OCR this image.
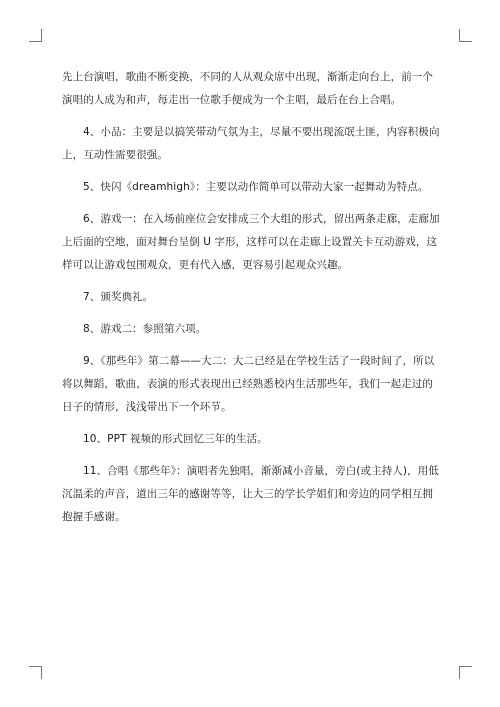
先上台演唱，歌曲不断变换，不同的人从观众席中出现，渐渐走向台上，前一个演唱的人成为和声，每走出一位歌手便成为一个主唱，最后在台上合唱。

4、小品：主要是以搞笑带动气氛为主，尽量不要出现流氓土匪，内容积极向上，互动性需要很强。

5、快闪《dreamhigh》：主要以动作简单可以带动大家一起舞动为特点。

6、游戏一：在入场前座位会安排成三个大组的形式，留出两条走廊，走廊加上后面的空地，面对舞台呈倒 U 字形，这样可以在走廊上设置关卡互动游戏，这样可以让游戏包围观众，更有代入感，更容易引起观众兴趣。

7、颁奖典礼。

8、游戏二：参照第六项。

9、《那些年》第二幕——大二：大二已经是在学校生活了一段时间了，所以将以舞蹈，歌曲，表演的形式表现出已经熟悉校内生活那些年，我们一起走过的日子的情形，浅浅带出下一个环节。

10、PPT 视频的形式回忆三年的生活。

11、合唱《那些年》：演唱者先独唱，渐渐减小音量，旁白(或主持人)，用低沉温柔的声音，道出三年的感谢等等，让大三的学长学姐们和旁边的同学相互拥抱握手感谢。
